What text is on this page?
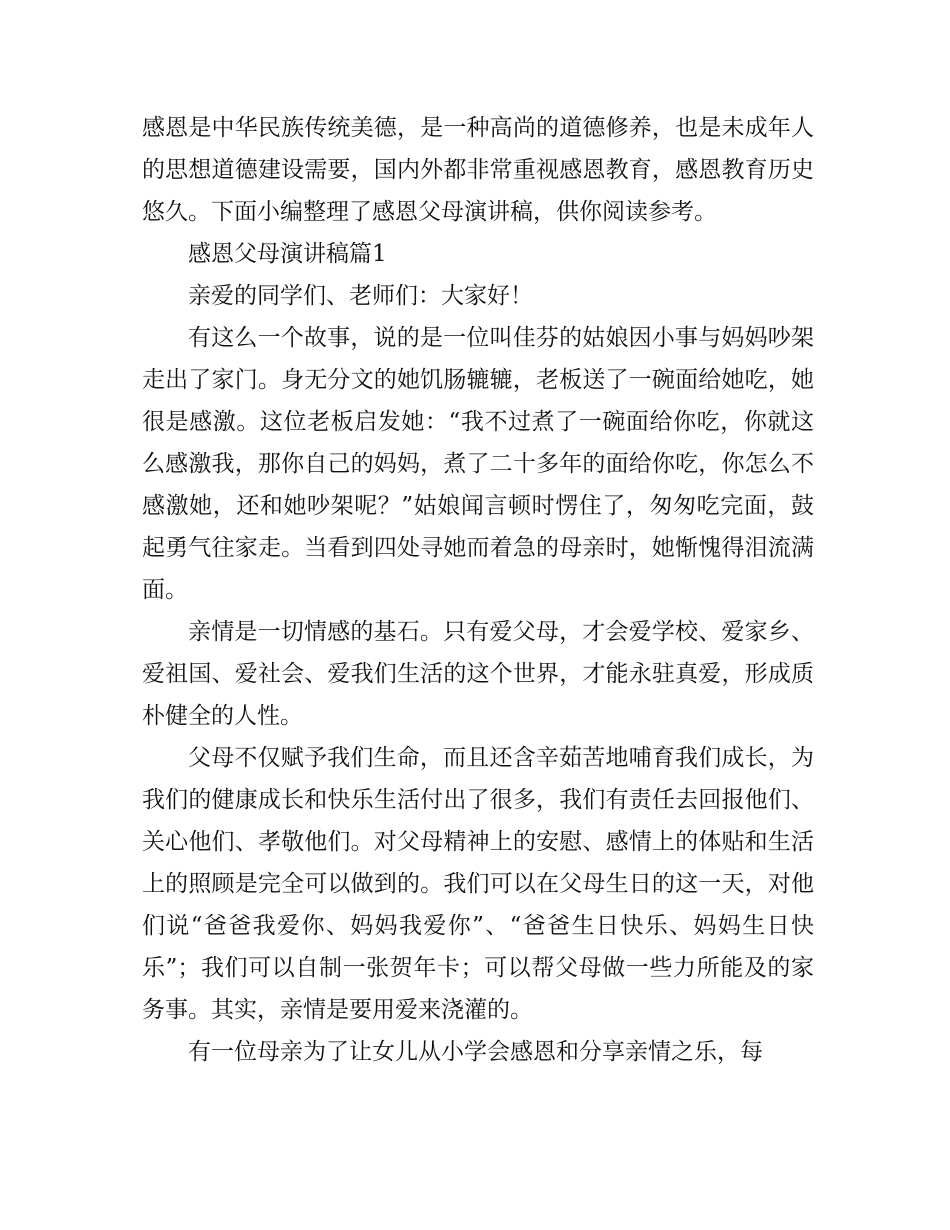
感恩是中华民族传统美德，是一种高尚的道德修养，也是未成年人的思想道德建设需要，国内外都非常重视感恩教育，感恩教育历史悠久。下面小编整理了感恩父母演讲稿，供你阅读参考。

感恩父母演讲稿篇1

亲爱的同学们、老师们：大家好！

有这么一个故事，说的是一位叫佳芬的姑娘因小事与妈妈吵架走出了家门。身无分文的她饥肠辘辘，老板送了一碗面给她吃，她很是感激。这位老板启发她：“我不过煮了一碗面给你吃，你就这么感激我，那你自己的妈妈，煮了二十多年的面给你吃，你怎么不感激她，还和她吵架呢？”姑娘闻言顿时愣住了，匆匆吃完面，鼓起勇气往家走。当看到四处寻她而着急的母亲时，她惭愧得泪流满面。

亲情是一切情感的基石。只有爱父母，才会爱学校、爱家乡、爱祖国、爱社会、爱我们生活的这个世界，才能永驻真爱，形成质朴健全的人性。

父母不仅赋予我们生命，而且还含辛茹苦地哺育我们成长，为我们的健康成长和快乐生活付出了很多，我们有责任去回报他们、关心他们、孝敬他们。对父母精神上的安慰、感情上的体贴和生活上的照顾是完全可以做到的。我们可以在父母生日的这一天，对他们说“爸爸我爱你、妈妈我爱你”、“爸爸生日快乐、妈妈生日快乐”；我们可以自制一张贺年卡；可以帮父母做一些力所能及的家务事。其实，亲情是要用爱来浇灌的。

有一位母亲为了让女儿从小学会感恩和分享亲情之乐，每
